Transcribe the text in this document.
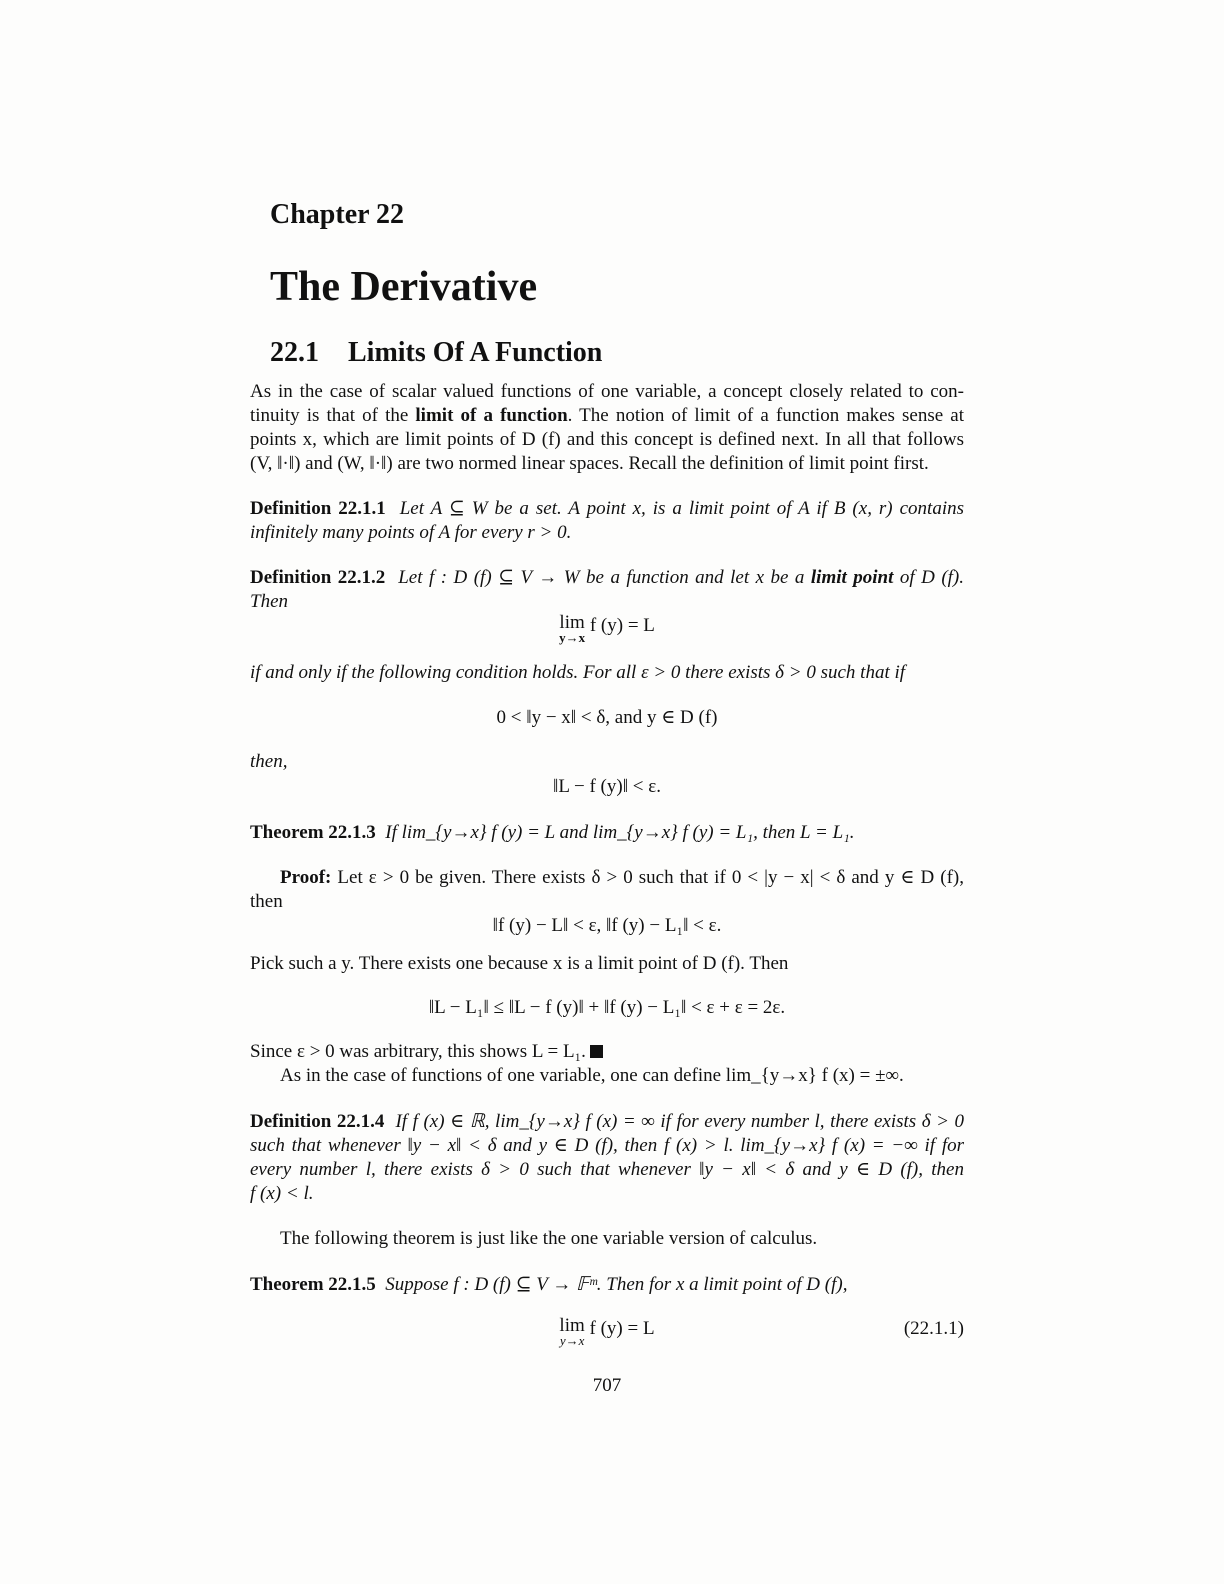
Chapter 22
The Derivative
22.1 Limits Of A Function
As in the case of scalar valued functions of one variable, a concept closely related to con-
tinuity is that of the limit of a function. The notion of limit of a function makes sense at
points x, which are limit points of D (f) and this concept is defined next. In all that follows
(V, ‖·‖) and (W, ‖·‖) are two normed linear spaces. Recall the definition of limit point first.
Definition 22.1.1 Let A ⊆ W be a set. A point x, is a limit point of A if B (x, r) contains
infinitely many points of A for every r > 0.
Definition 22.1.2 Let f : D (f) ⊆ V → W be a function and let x be a limit point of D (f).
Then
lim
y→x
f (y) = L
if and only if the following condition holds. For all ε > 0 there exists δ > 0 such that if
0 < ‖y − x‖ < δ, and y ∈ D (f)
then,
‖L − f (y)‖ < ε.
Theorem 22.1.3 If lim_{y→x} f (y) = L and lim_{y→x} f (y) = L₁, then L = L₁.
Proof: Let ε > 0 be given. There exists δ > 0 such that if 0 < |y − x| < δ and y ∈ D (f),
then
‖f (y) − L‖ < ε, ‖f (y) − L₁‖ < ε.
Pick such a y. There exists one because x is a limit point of D (f). Then
‖L − L₁‖ ≤ ‖L − f (y)‖ + ‖f (y) − L₁‖ < ε + ε = 2ε.
Since ε > 0 was arbitrary, this shows L = L₁.
As in the case of functions of one variable, one can define lim_{y→x} f (x) = ±∞.
Definition 22.1.4 If f (x) ∈ ℝ, lim_{y→x} f (x) = ∞ if for every number l, there exists δ > 0
such that whenever ‖y − x‖ < δ and y ∈ D (f), then f (x) > l. lim_{y→x} f (x) = −∞ if for
every number l, there exists δ > 0 such that whenever ‖y − x‖ < δ and y ∈ D (f), then
f (x) < l.
The following theorem is just like the one variable version of calculus.
Theorem 22.1.5 Suppose f : D (f) ⊆ V → 𝔽ᵐ. Then for x a limit point of D (f),
lim
y→x
f (y) = L	(22.1.1)
707
